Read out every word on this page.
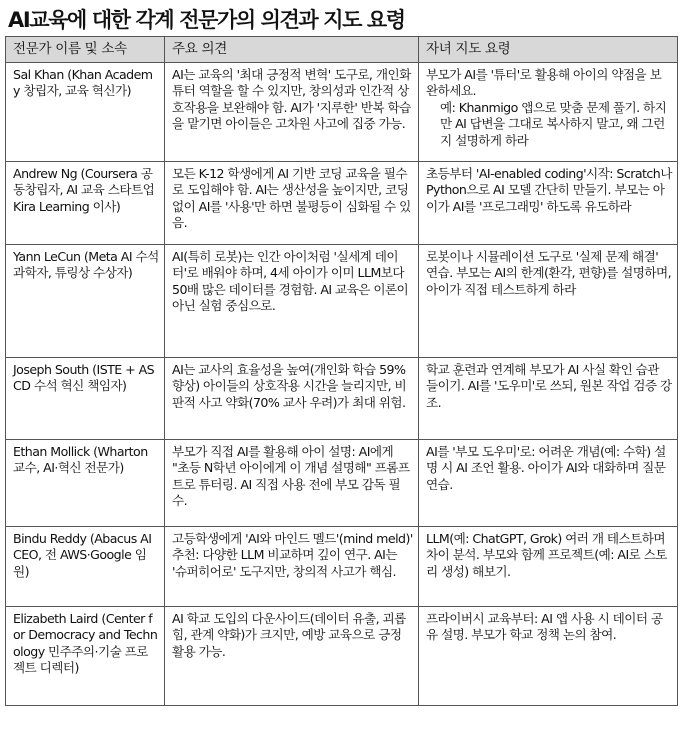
AI교육에 대한 각계 전문가의 의견과 지도 요령
전문가 이름 및 소속	주요 의견	자녀 지도 요령
Sal Khan (Khan Academy 창립자, 교육 혁신가)	AI는 교육의 '최대 긍정적 변혁' 도구로, 개인화 튜터 역할을 할 수 있지만, 창의성과 인간적 상호작용을 보완해야 함. AI가 '지루한' 반복 학습을 맡기면 아이들은 고차원 사고에 집중 가능.	부모가 AI를 '튜터'로 활용해 아이의 약점을 보완하세요.
예: Khanmigo 앱으로 맞춤 문제 풀기. 하지만 AI 답변을 그대로 복사하지 말고, 왜 그런지 설명하게 하라

Andrew Ng (Coursera 공동창립자, AI 교육 스타트업 Kira Learning 이사)	모든 K-12 학생에게 AI 기반 코딩 교육을 필수로 도입해야 함. AI는 생산성을 높이지만, 코딩 없이 AI를 '사용'만 하면 불평등이 심화될 수 있음.	초등부터 'AI-enabled coding'시작: Scratch나 Python으로 AI 모델 간단히 만들기. 부모는 아이가 AI를 '프로그래밍' 하도록 유도하라
Yann LeCun (Meta AI 수석 과학자, 튜링상 수상자)	AI(특히 로봇)는 인간 아이처럼 '실세계 데이터'로 배워야 하며, 4세 아이가 이미 LLM보다 50배 많은 데이터를 경험함. AI 교육은 이론이 아닌 실험 중심으로.	로봇이나 시뮬레이션 도구로 '실제 문제 해결' 연습. 부모는 AI의 한계(환각, 편향)를 설명하며, 아이가 직접 테스트하게 하라
Joseph South (ISTE + ASCD 수석 혁신 책임자)	AI는 교사의 효율성을 높여(개인화 학습 59% 향상) 아이들의 상호작용 시간을 늘리지만, 비판적 사고 약화(70% 교사 우려)가 최대 위험.	학교 훈련과 연계해 부모가 AI 사실 확인 습관 들이기. AI를 '도우미'로 쓰되, 원본 작업 검증 강조.
Ethan Mollick (Wharton 교수, AI·혁신 전문가)	부모가 직접 AI를 활용해 아이 설명: AI에게 "초등 N학년 아이에게 이 개념 설명해" 프롬프트로 튜터링. AI 직접 사용 전에 부모 감독 필수.	AI를 '부모 도우미'로: 어려운 개념(예: 수학) 설명 시 AI 조언 활용. 아이가 AI와 대화하며 질문 연습.
Bindu Reddy (Abacus AI CEO, 전 AWS·Google 임원)	고등학생에게 'AI와 마인드 멜드'(mind meld)' 추천: 다양한 LLM 비교하며 깊이 연구. AI는 '슈퍼히어로' 도구지만, 창의적 사고가 핵심.	LLM(예: ChatGPT, Grok) 여러 개 테스트하며 차이 분석. 부모와 함께 프로젝트(예: AI로 스토리 생성) 해보기.
Elizabeth Laird (Center for Democracy and Technology 민주주의·기술 프로젝트 디렉터)	AI 학교 도입의 다운사이드(데이터 유출, 괴롭힘, 관계 약화)가 크지만, 예방 교육으로 긍정 활용 가능.	프라이버시 교육부터: AI 앱 사용 시 데이터 공유 설명. 부모가 학교 정책 논의 참여.
